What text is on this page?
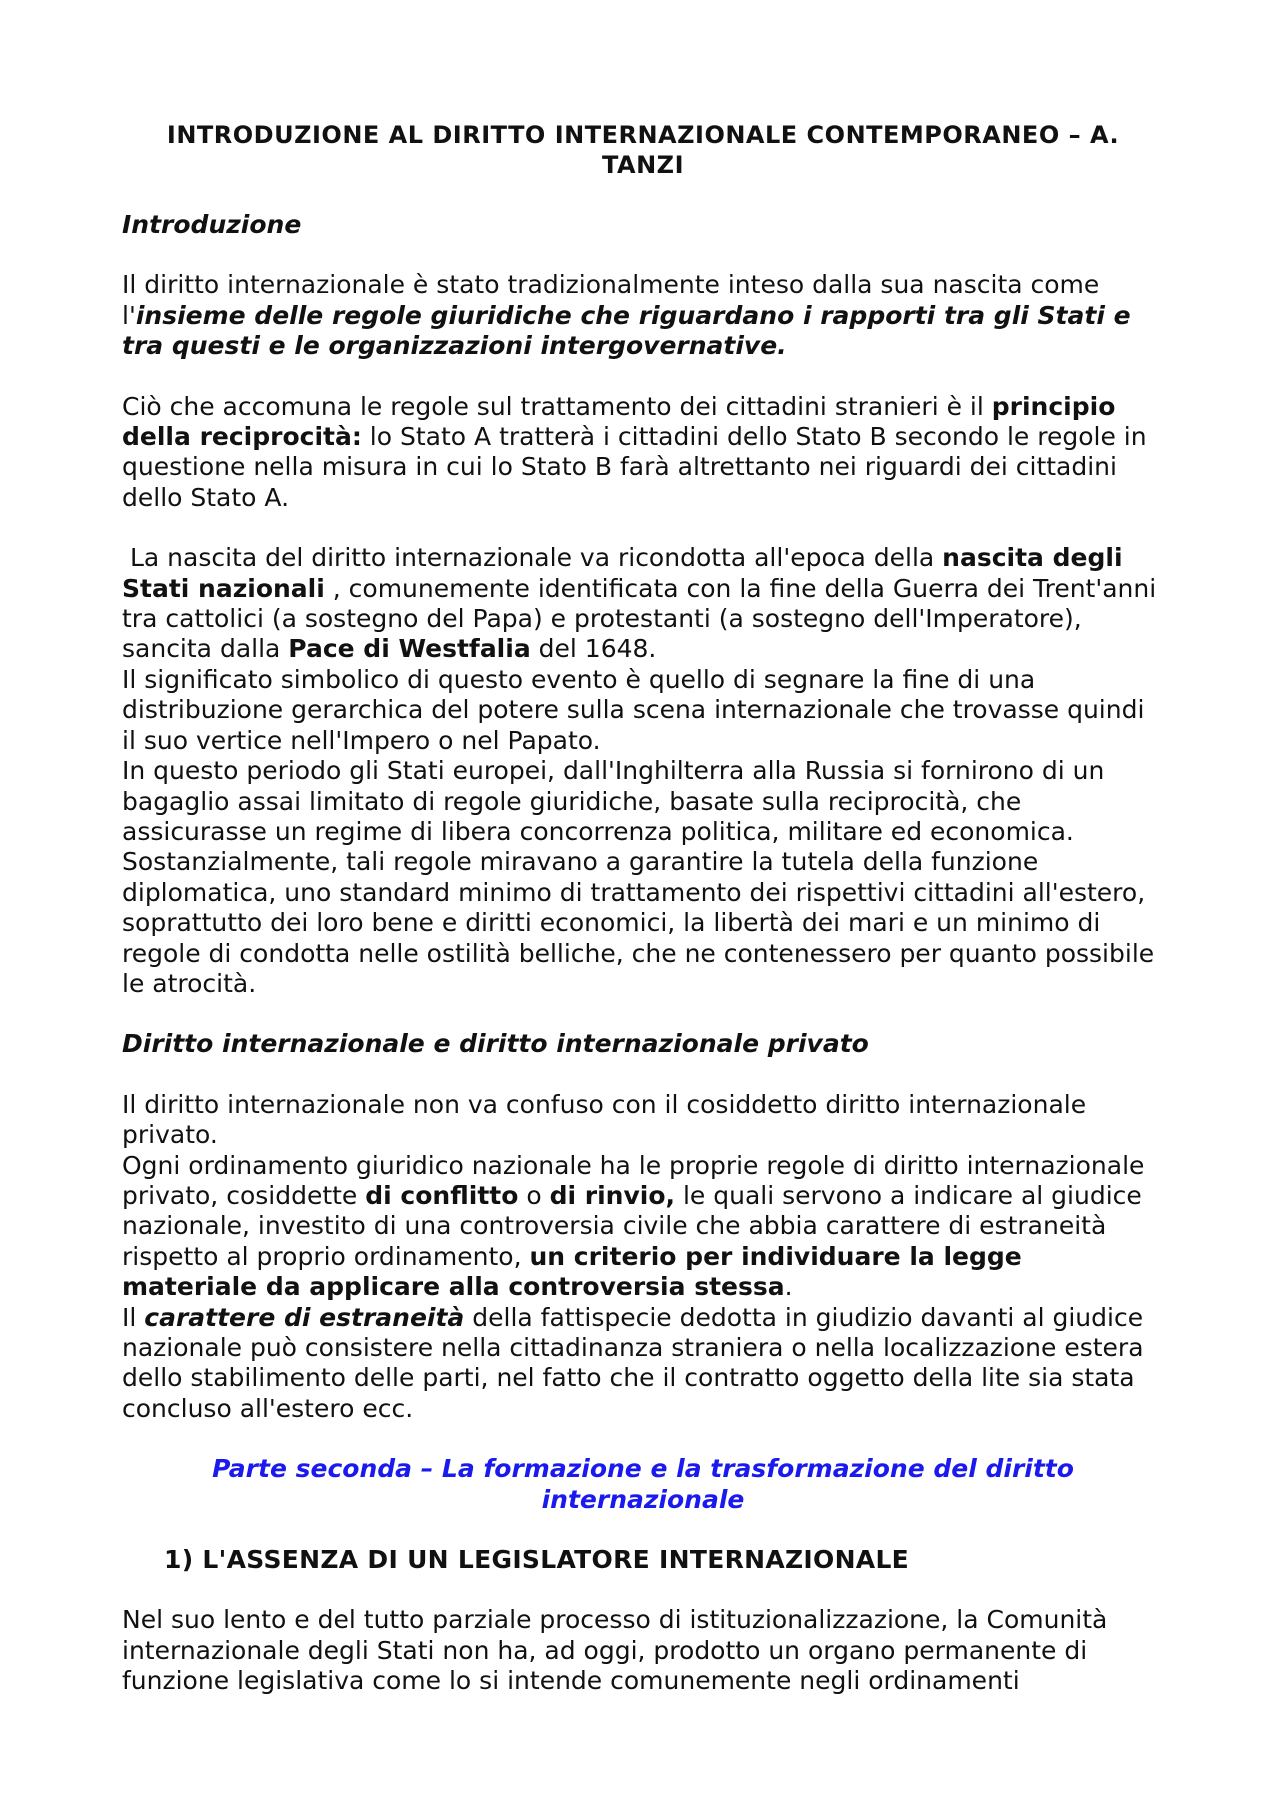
INTRODUZIONE AL DIRITTO INTERNAZIONALE CONTEMPORANEO – A. TANZI
Introduzione

Il diritto internazionale è stato tradizionalmente inteso dalla sua nascita come l'insieme delle regole giuridiche che riguardano i rapporti tra gli Stati e tra questi e le organizzazioni intergovernative.

Ciò che accomuna le regole sul trattamento dei cittadini stranieri è il principio della reciprocità: lo Stato A tratterà i cittadini dello Stato B secondo le regole in questione nella misura in cui lo Stato B farà altrettanto nei riguardi dei cittadini dello Stato A.

La nascita del diritto internazionale va ricondotta all'epoca della nascita degli Stati nazionali , comunemente identificata con la fine della Guerra dei Trent'anni tra cattolici (a sostegno del Papa) e protestanti (a sostegno dell'Imperatore), sancita dalla Pace di Westfalia del 1648.

Il significato simbolico di questo evento è quello di segnare la fine di una distribuzione gerarchica del potere sulla scena internazionale che trovasse quindi il suo vertice nell'Impero o nel Papato.

In questo periodo gli Stati europei, dall'Inghilterra alla Russia si fornirono di un bagaglio assai limitato di regole giuridiche, basate sulla reciprocità, che assicurasse un regime di libera concorrenza politica, militare ed economica.

Sostanzialmente, tali regole miravano a garantire la tutela della funzione diplomatica, uno standard minimo di trattamento dei rispettivi cittadini all'estero, soprattutto dei loro bene e diritti economici, la libertà dei mari e un minimo di regole di condotta nelle ostilità belliche, che ne contenessero per quanto possibile le atrocità.

Diritto internazionale e diritto internazionale privato

Il diritto internazionale non va confuso con il cosiddetto diritto internazionale privato.

Ogni ordinamento giuridico nazionale ha le proprie regole di diritto internazionale privato, cosiddette di conflitto o di rinvio, le quali servono a indicare al giudice nazionale, investito di una controversia civile che abbia carattere di estraneità rispetto al proprio ordinamento, un criterio per individuare la legge materiale da applicare alla controversia stessa.

Il carattere di estraneità della fattispecie dedotta in giudizio davanti al giudice nazionale può consistere nella cittadinanza straniera o nella localizzazione estera dello stabilimento delle parti, nel fatto che il contratto oggetto della lite sia stata concluso all'estero ecc.

Parte seconda – La formazione e la trasformazione del diritto internazionale
1) L'ASSENZA DI UN LEGISLATORE INTERNAZIONALE

Nel suo lento e del tutto parziale processo di istituzionalizzazione, la Comunità internazionale degli Stati non ha, ad oggi, prodotto un organo permanente di funzione legislativa come lo si intende comunemente negli ordinamenti
